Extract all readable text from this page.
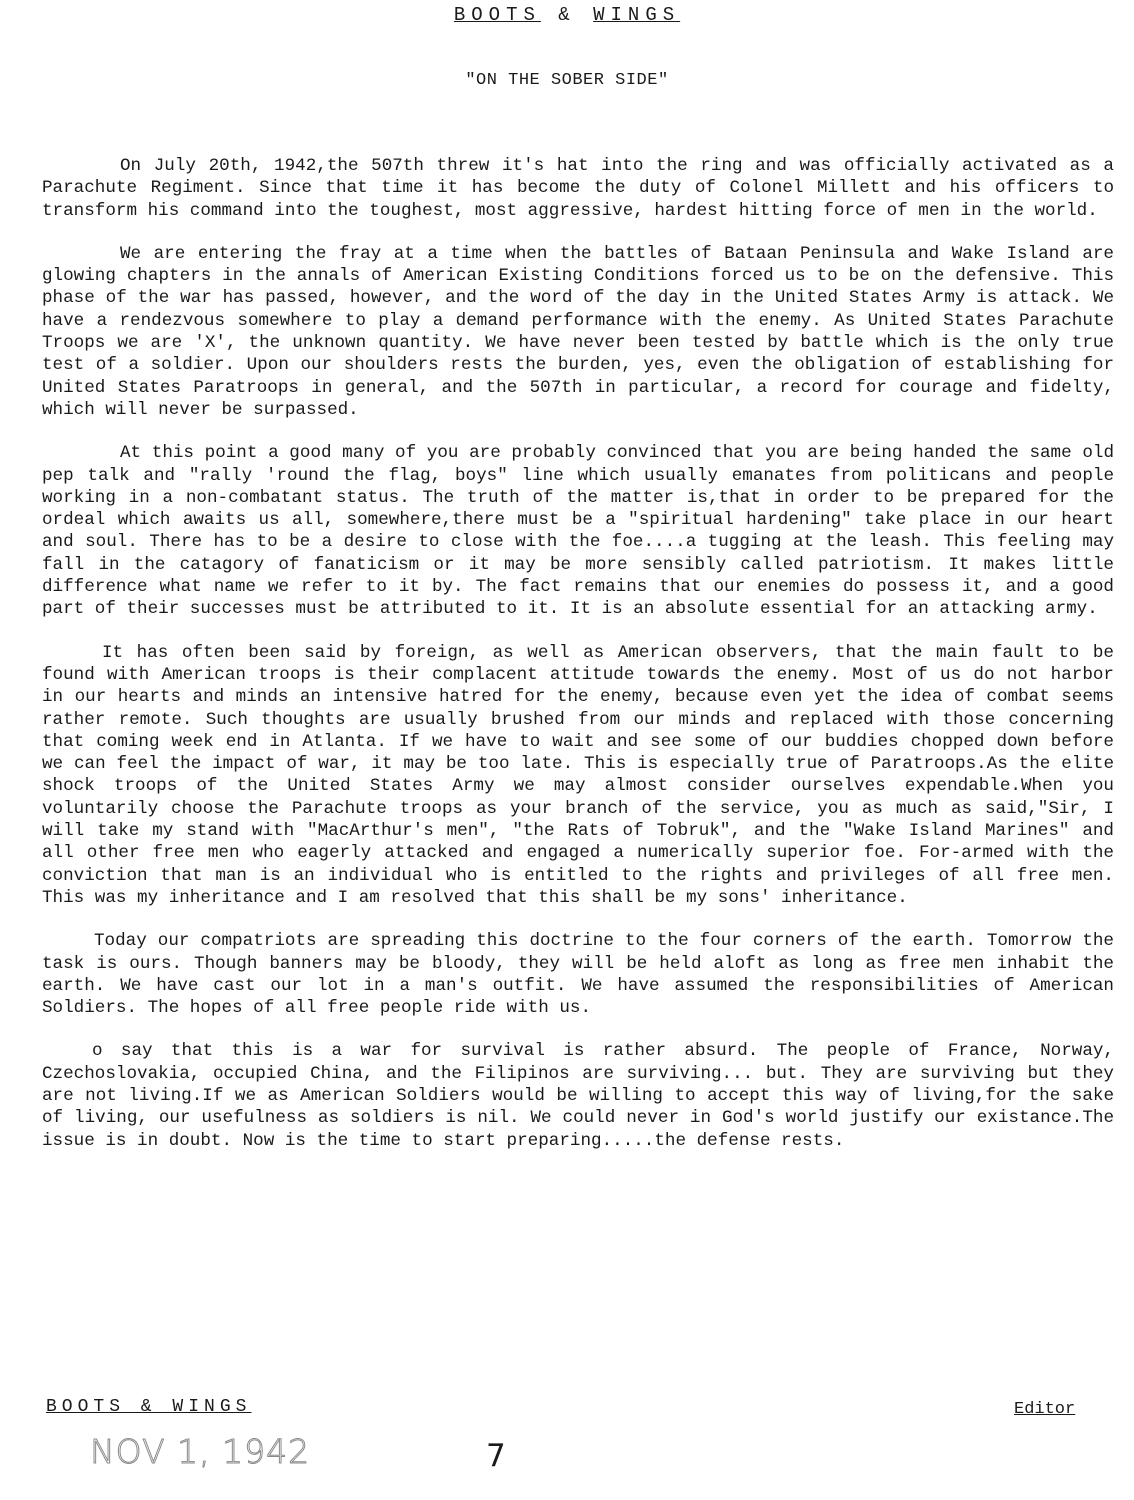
BOOTS & WINGS
"ON THE SOBER SIDE"

On July 20th, 1942,the 507th threw it's hat into the ring and was officially activated as a Parachute Regiment. Since that time it has become the duty of Colonel Millett and his officers to transform his command into the toughest, most aggressive, hardest hitting force of men in the world.

We are entering the fray at a time when the battles of Bataan Peninsula and Wake Island are glowing chapters in the annals of American Existing Conditions forced us to be on the defensive. This phase of the war has passed, however, and the word of the day in the United States Army is attack. We have a rendezvous somewhere to play a demand performance with the enemy. As United States Parachute Troops we are 'X', the unknown quantity. We have never been tested by battle which is the only true test of a soldier. Upon our shoulders rests the burden, yes, even the obligation of establishing for United States Paratroops in general, and the 507th in particular, a record for courage and fidelty, which will never be surpassed.

At this point a good many of you are probably convinced that you are being handed the same old pep talk and "rally 'round the flag, boys" line which usually emanates from politicans and people working in a non-combatant status. The truth of the matter is,that in order to be prepared for the ordeal which awaits us all, somewhere,there must be a "spiritual hardening" take place in our heart and soul. There has to be a desire to close with the foe....a tugging at the leash. This feeling may fall in the catagory of fanaticism or it may be more sensibly called patriotism. It makes little difference what name we refer to it by. The fact remains that our enemies do possess it, and a good part of their successes must be attributed to it. It is an absolute essential for an attacking army.

It has often been said by foreign, as well as American observers, that the main fault to be found with American troops is their complacent attitude towards the enemy. Most of us do not harbor in our hearts and minds an intensive hatred for the enemy, because even yet the idea of combat seems rather remote. Such thoughts are usually brushed from our minds and replaced with those concerning that coming week end in Atlanta. If we have to wait and see some of our buddies chopped down before we can feel the impact of war, it may be too late. This is especially true of Paratroops.As the elite shock troops of the United States Army we may almost consider ourselves expendable.When you voluntarily choose the Parachute troops as your branch of the service, you as much as said,"Sir, I will take my stand with "MacArthur's men", "the Rats of Tobruk", and the "Wake Island Marines" and all other free men who eagerly attacked and engaged a numerically superior foe. For-armed with the conviction that man is an individual who is entitled to the rights and privileges of all free men. This was my inheritance and I am resolved that this shall be my sons' inheritance.

Today our compatriots are spreading this doctrine to the four corners of the earth. Tomorrow the task is ours. Though banners may be bloody, they will be held aloft as long as free men inhabit the earth. We have cast our lot in a man's outfit. We have assumed the responsibilities of American Soldiers. The hopes of all free people ride with us.

o say that this is a war for survival is rather absurd. The people of France, Norway, Czechoslovakia, occupied China, and the Filipinos are surviving... but. They are surviving but they are not living.If we as American Soldiers would be willing to accept this way of living,for the sake of living, our usefulness as soldiers is nil. We could never in God's world justify our existance.The issue is in doubt. Now is the time to start preparing.....the defense rests.

BOOTS & WINGS	Editor
NOV 1, 1942	7
